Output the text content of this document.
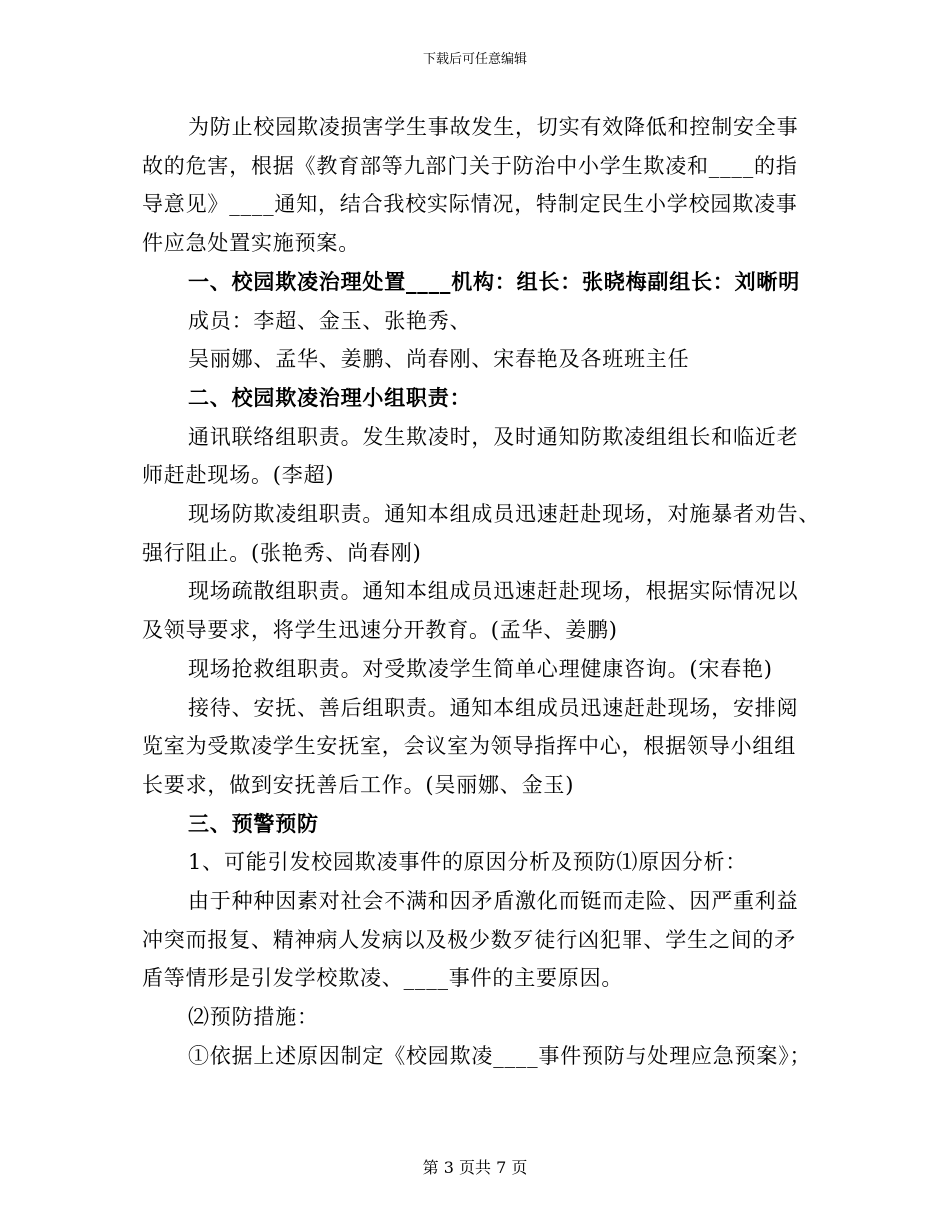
下载后可任意编辑

为防止校园欺凌损害学生事故发生，切实有效降低和控制安全事

故的危害，根据《教育部等九部门关于防治中小学生欺凌和____的指

导意见》____通知，结合我校实际情况，特制定民生小学校园欺凌事

件应急处置实施预案。

一、校园欺凌治理处置____机构：组长：张晓梅副组长：刘晰明

成员：李超、金玉、张艳秀、

吴丽娜、孟华、姜鹏、尚春刚、宋春艳及各班班主任

二、校园欺凌治理小组职责：

通讯联络组职责。发生欺凌时，及时通知防欺凌组组长和临近老

师赶赴现场。(李超)

现场防欺凌组职责。通知本组成员迅速赶赴现场，对施暴者劝告、

强行阻止。(张艳秀、尚春刚)

现场疏散组职责。通知本组成员迅速赶赴现场，根据实际情况以

及领导要求，将学生迅速分开教育。(孟华、姜鹏)

现场抢救组职责。对受欺凌学生简单心理健康咨询。(宋春艳)

接待、安抚、善后组职责。通知本组成员迅速赶赴现场，安排阅

览室为受欺凌学生安抚室，会议室为领导指挥中心，根据领导小组组

长要求，做到安抚善后工作。(吴丽娜、金玉)

三、预警预防

1、可能引发校园欺凌事件的原因分析及预防⑴原因分析：

由于种种因素对社会不满和因矛盾激化而铤而走险、因严重利益

冲突而报复、精神病人发病以及极少数歹徒行凶犯罪、学生之间的矛

盾等情形是引发学校欺凌、____事件的主要原因。

⑵预防措施：

①依据上述原因制定《校园欺凌____事件预防与处理应急预案》；

第 3 页共 7 页
